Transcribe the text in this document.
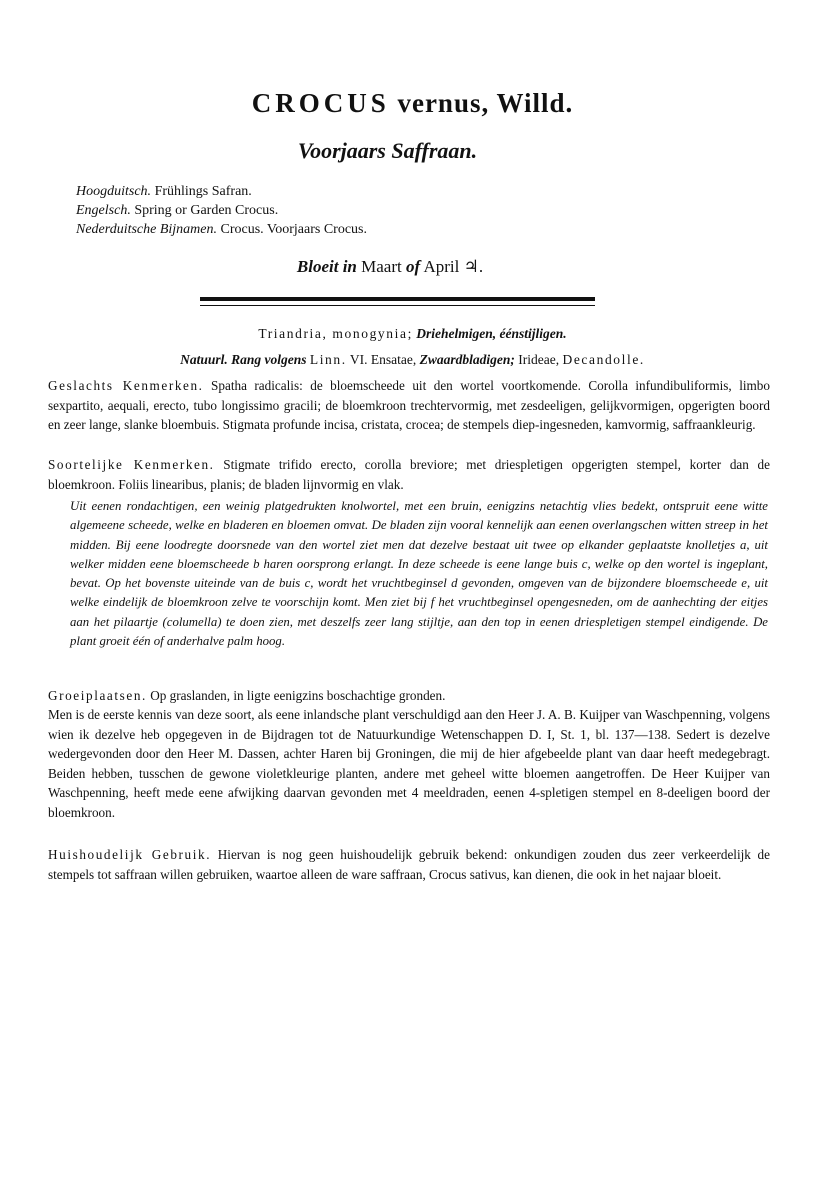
CROCUS vernus, Willd.
Voorjaars Saffraan.
Hoogduitsch. Frühlings Safran.
Engelsch. Spring or Garden Crocus.
Nederduitsche Bijnamen. Crocus. Voorjaars Crocus.
Bloeit in Maart of April ♃.
Triandria, monogynia; Driehelmigen, éénstijligen.
Natuurl. Rang volgens Linn. VI. Ensatae, Zwaardbladigen; Irideae, Decandolle.

Geslachts Kenmerken. Spatha radicalis: de bloemscheede uit den wortel voortkomende. Corolla infundibuliformis, limbo sexpartito, aequali, erecto, tubo longissimo gracili; de bloemkroon trechtervormig, met zesdeeligen, gelijkvormigen, opgerigten boord en zeer lange, slanke bloembuis. Stigmata profunde incisa, cristata, crocea; de stempels diep-ingesneden, kamvormig, saffraankleurig.

Soortelijke Kenmerken. Stigmate trifido erecto, corolla breviore; met driespletigen opgerigten stempel, korter dan de bloemkroon. Foliis linearibus, planis; de bladen lijnvormig en vlak.

Uit eenen rondachtigen, een weinig platgedrukten knolwortel, met een bruin, eenigzins netachtig vlies bedekt, ontspruit eene witte algemeene scheede, welke en bladeren en bloemen omvat. De bladen zijn vooral kennelijk aan eenen overlangschen witten streep in het midden. Bij eene loodregte doorsnede van den wortel ziet men dat dezelve bestaat uit twee op elkander geplaatste knolletjes a, uit welker midden eene bloemscheede b haren oorsprong erlangt. In deze scheede is eene lange buis c, welke op den wortel is ingeplant, bevat. Op het bovenste uiteinde van de buis c, wordt het vruchtbeginsel d gevonden, omgeven van de bijzondere bloemscheede e, uit welke eindelijk de bloemkroon zelve te voorschijn komt. Men ziet bij f het vruchtbeginsel opengesneden, om de aanhechting der eitjes aan het pilaartje (columella) te doen zien, met deszelfs zeer lang stijltje, aan den top in eenen driespletigen stempel eindigende. De plant groeit één of anderhalve palm hoog.

Groeiplaatsen. Op graslanden, in ligte eenigzins boschachtige gronden.

Men is de eerste kennis van deze soort, als eene inlandsche plant verschuldigd aan den Heer J. A. B. Kuijper van Waschpenning, volgens wien ik dezelve heb opgegeven in de Bijdragen tot de Natuurkundige Wetenschappen D. I, St. 1, bl. 137—138. Sedert is dezelve wedergevonden door den Heer M. Dassen, achter Haren bij Groningen, die mij de hier afgebeelde plant van daar heeft medegebragt. Beiden hebben, tusschen de gewone violetkleurige planten, andere met geheel witte bloemen aangetroffen. De Heer Kuijper van Waschpenning, heeft mede eene afwijking daarvan gevonden met 4 meeldraden, eenen 4-spletigen stempel en 8-deeligen boord der bloemkroon.

Huishoudelijk Gebruik. Hiervan is nog geen huishoudelijk gebruik bekend: onkundigen zouden dus zeer verkeerdelijk de stempels tot saffraan willen gebruiken, waartoe alleen de ware saffraan, Crocus sativus, kan dienen, die ook in het najaar bloeit.
